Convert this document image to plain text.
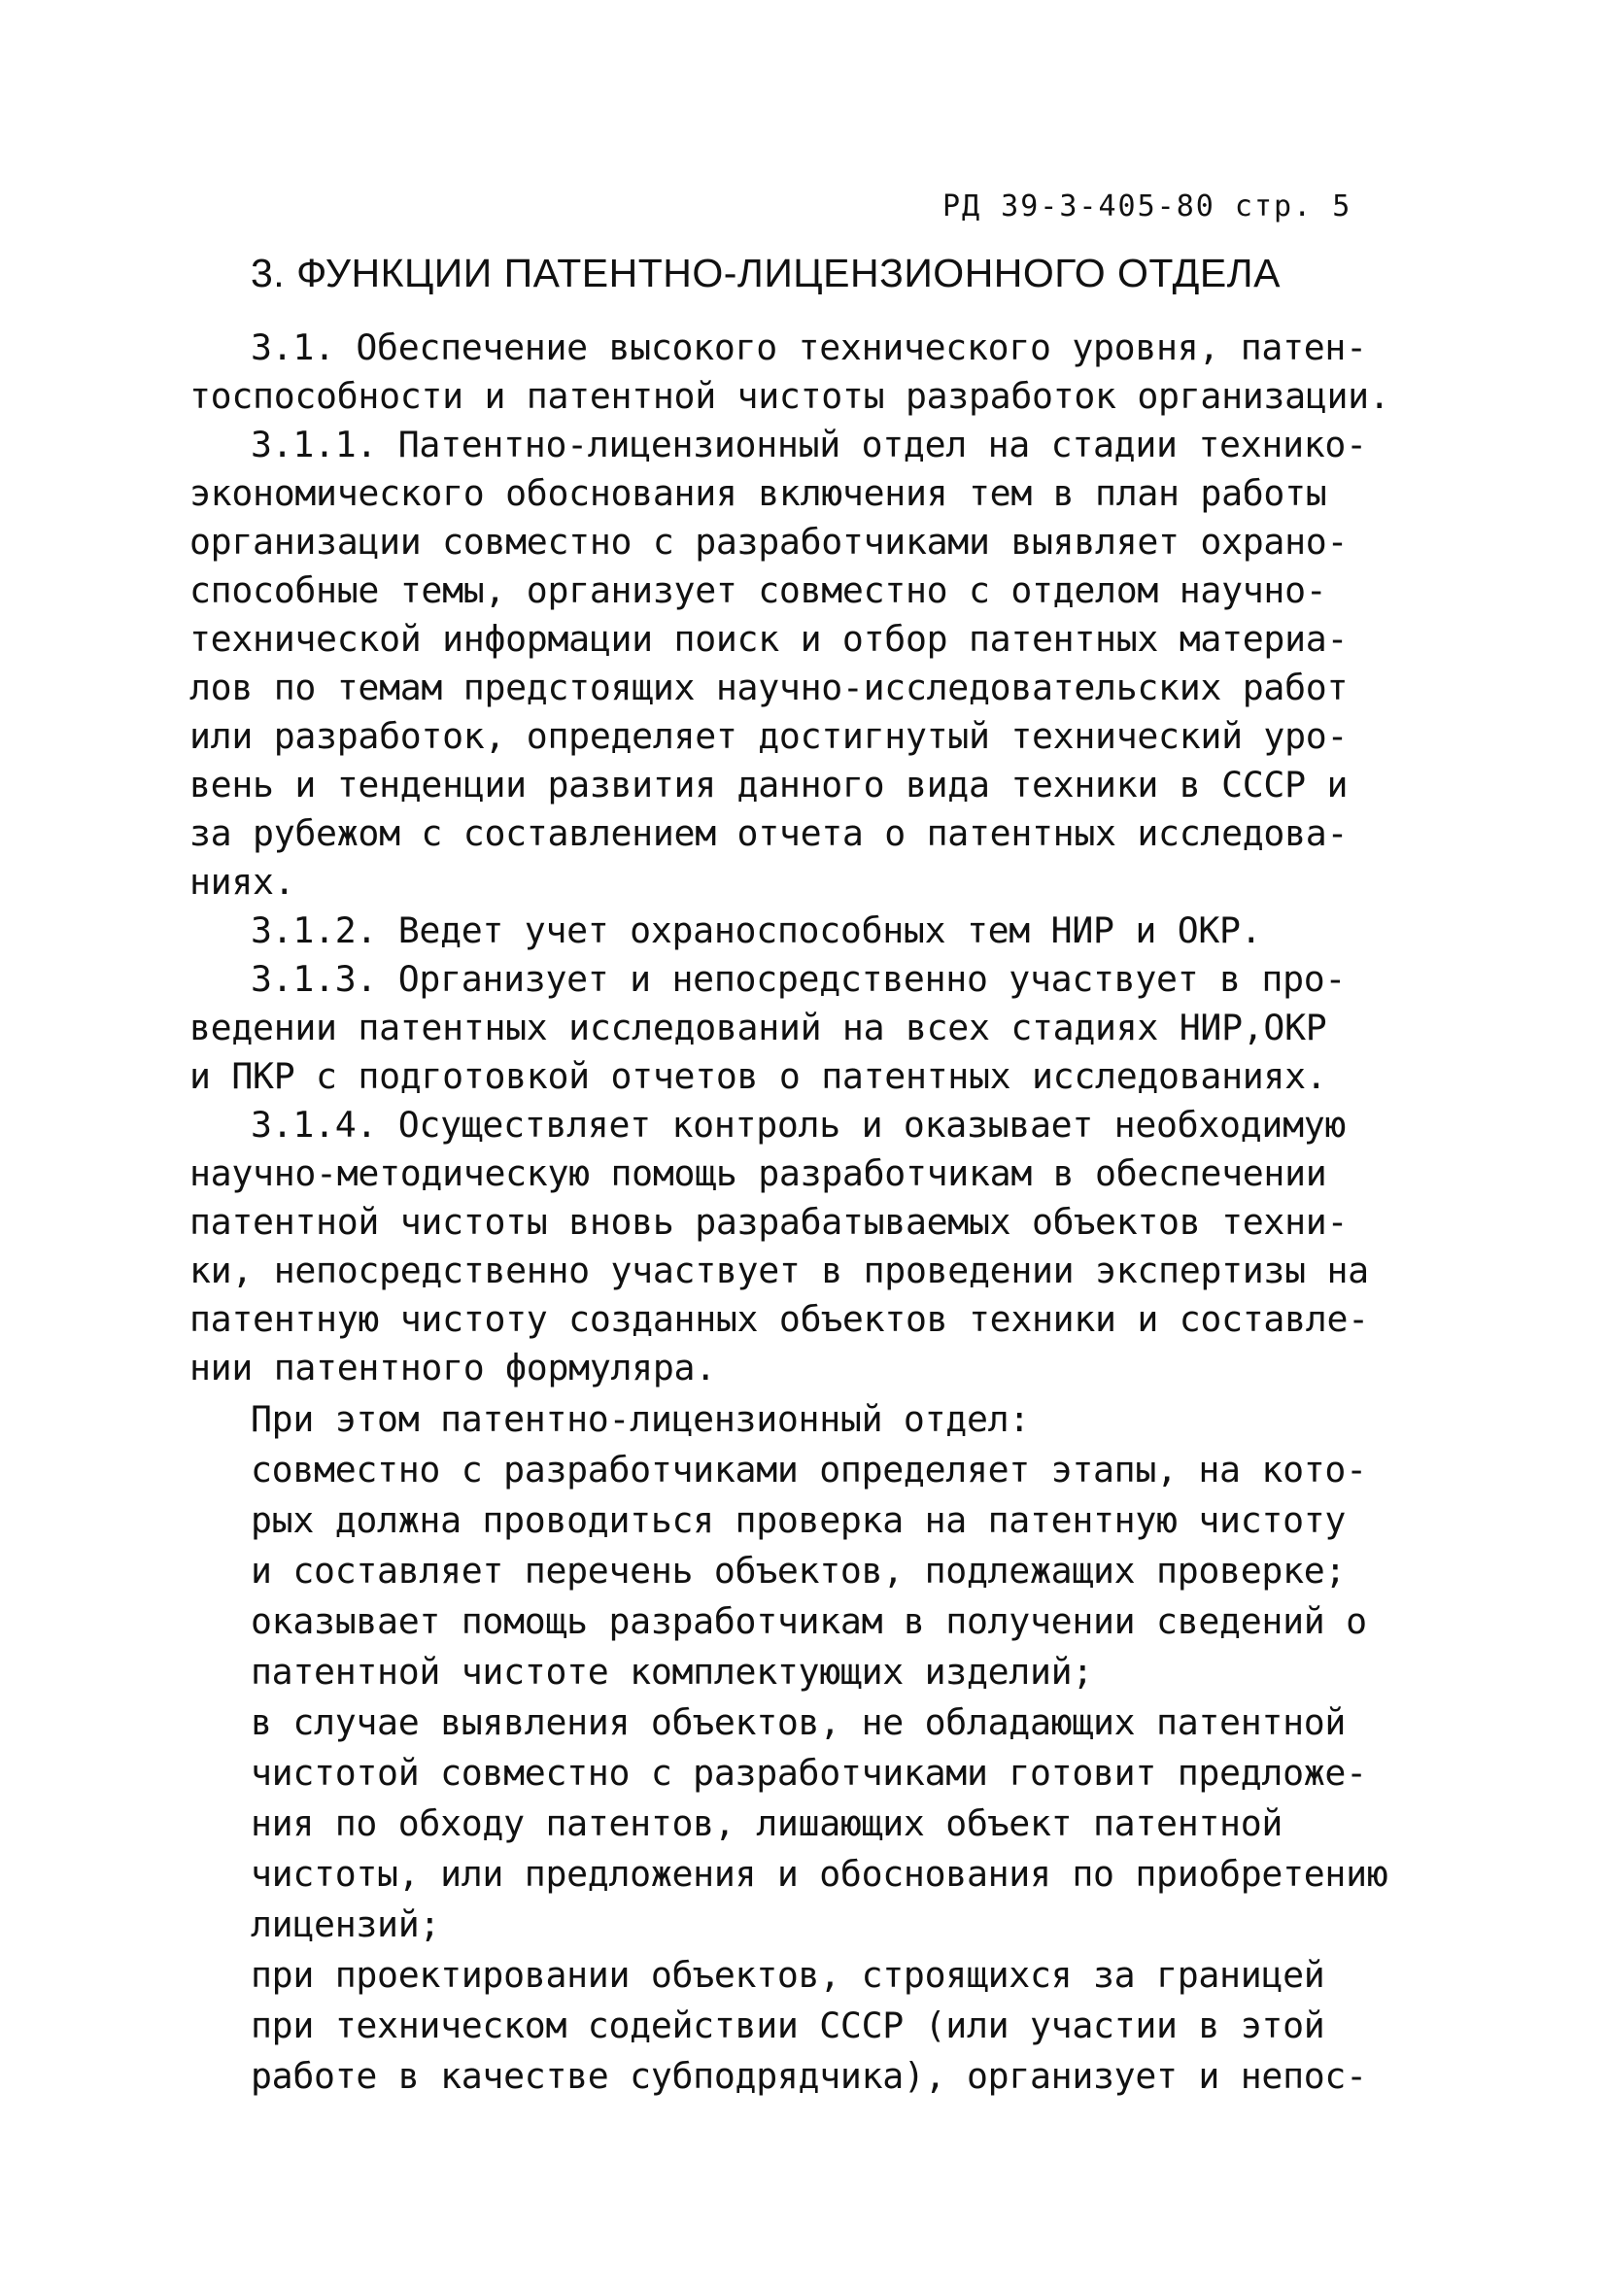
РД 39-3-405-80 стр. 5
3. ФУНКЦИИ ПАТЕНТНО-ЛИЦЕНЗИОННОГО ОТДЕЛА
3.1. Обеспечение высокого технического уровня, патен-
тоспособности и патентной чистоты разработок организации.
3.1.1. Патентно-лицензионный отдел на стадии технико-
экономического обоснования включения тем в план работы
организации совместно с разработчиками выявляет охрано-
способные темы, организует совместно с отделом научно-
технической информации поиск и отбор патентных материа-
лов по темам предстоящих научно-исследовательских работ
или разработок, определяет достигнутый технический уро-
вень и тенденции развития данного вида техники в СССР и
за рубежом с составлением отчета о патентных исследова-
ниях.
3.1.2. Ведет учет охраноспособных тем НИР и ОКР.
3.1.3. Организует и непосредственно участвует в про-
ведении патентных исследований на всех стадиях НИР,ОКР
и ПКР с подготовкой отчетов о патентных исследованиях.
3.1.4. Осуществляет контроль и оказывает необходимую
научно-методическую помощь разработчикам в обеспечении
патентной чистоты вновь разрабатываемых объектов техни-
ки, непосредственно участвует в проведении экспертизы на
патентную чистоту созданных объектов техники и составле-
нии патентного формуляра.
При этом патентно-лицензионный отдел:
совместно с разработчиками определяет этапы, на кото-
рых должна проводиться проверка на патентную чистоту
и составляет перечень объектов, подлежащих проверке;
оказывает помощь разработчикам в получении сведений о
патентной чистоте комплектующих изделий;
в случае выявления объектов, не обладающих патентной
чистотой совместно с разработчиками готовит предложе-
ния по обходу патентов, лишающих объект патентной
чистоты, или предложения и обоснования по приобретению
лицензий;
при проектировании объектов, строящихся за границей
при техническом содействии СССР (или участии в этой
работе в качестве субподрядчика), организует и непос-
